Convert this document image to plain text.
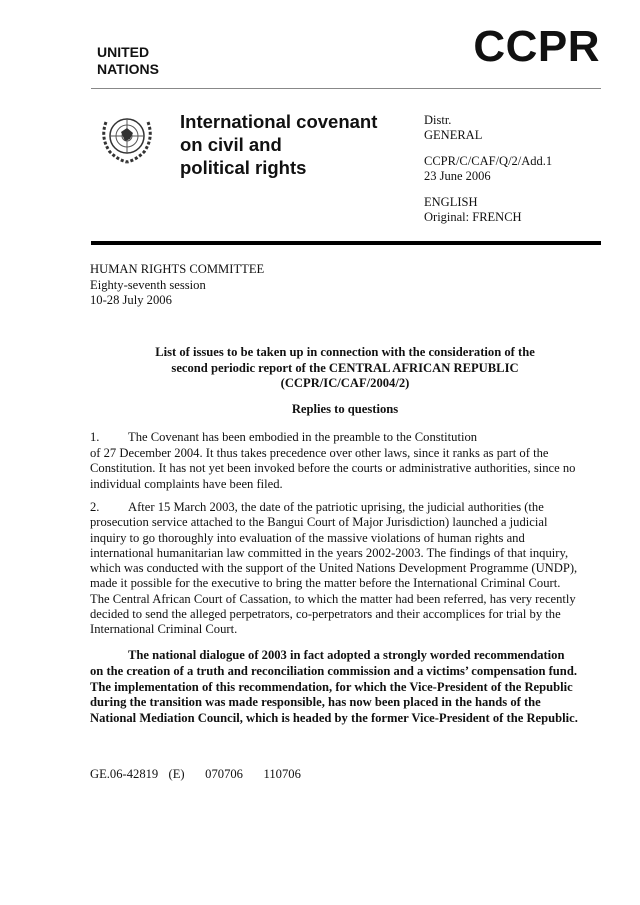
UNITED
NATIONS	CCPR
International covenant
on civil and
political rights
Distr.
GENERAL
CCPR/C/CAF/Q/2/Add.1
23 June 2006
ENGLISH
Original: FRENCH
HUMAN RIGHTS COMMITTEE
Eighty-seventh session
10-28 July 2006
List of issues to be taken up in connection with the consideration of the
second periodic report of the CENTRAL AFRICAN REPUBLIC
(CCPR/IC/CAF/2004/2)
Replies to questions
1. The Covenant has been embodied in the preamble to the Constitution
of 27 December 2004. It thus takes precedence over other laws, since it ranks as part of the
Constitution. It has not yet been invoked before the courts or administrative authorities, since no
individual complaints have been filed.
2. After 15 March 2003, the date of the patriotic uprising, the judicial authorities (the
prosecution service attached to the Bangui Court of Major Jurisdiction) launched a judicial
inquiry to go thoroughly into evaluation of the massive violations of human rights and
international humanitarian law committed in the years 2002-2003. The findings of that inquiry,
which was conducted with the support of the United Nations Development Programme (UNDP),
made it possible for the executive to bring the matter before the International Criminal Court.
The Central African Court of Cassation, to which the matter had been referred, has very recently
decided to send the alleged perpetrators, co-perpetrators and their accomplices for trial by the
International Criminal Court.
The national dialogue of 2003 in fact adopted a strongly worded recommendation
on the creation of a truth and reconciliation commission and a victims’ compensation fund.
The implementation of this recommendation, for which the Vice-President of the Republic
during the transition was made responsible, has now been placed in the hands of the
National Mediation Council, which is headed by the former Vice-President of the Republic.
GE.06-42819  (E)    070706    110706
